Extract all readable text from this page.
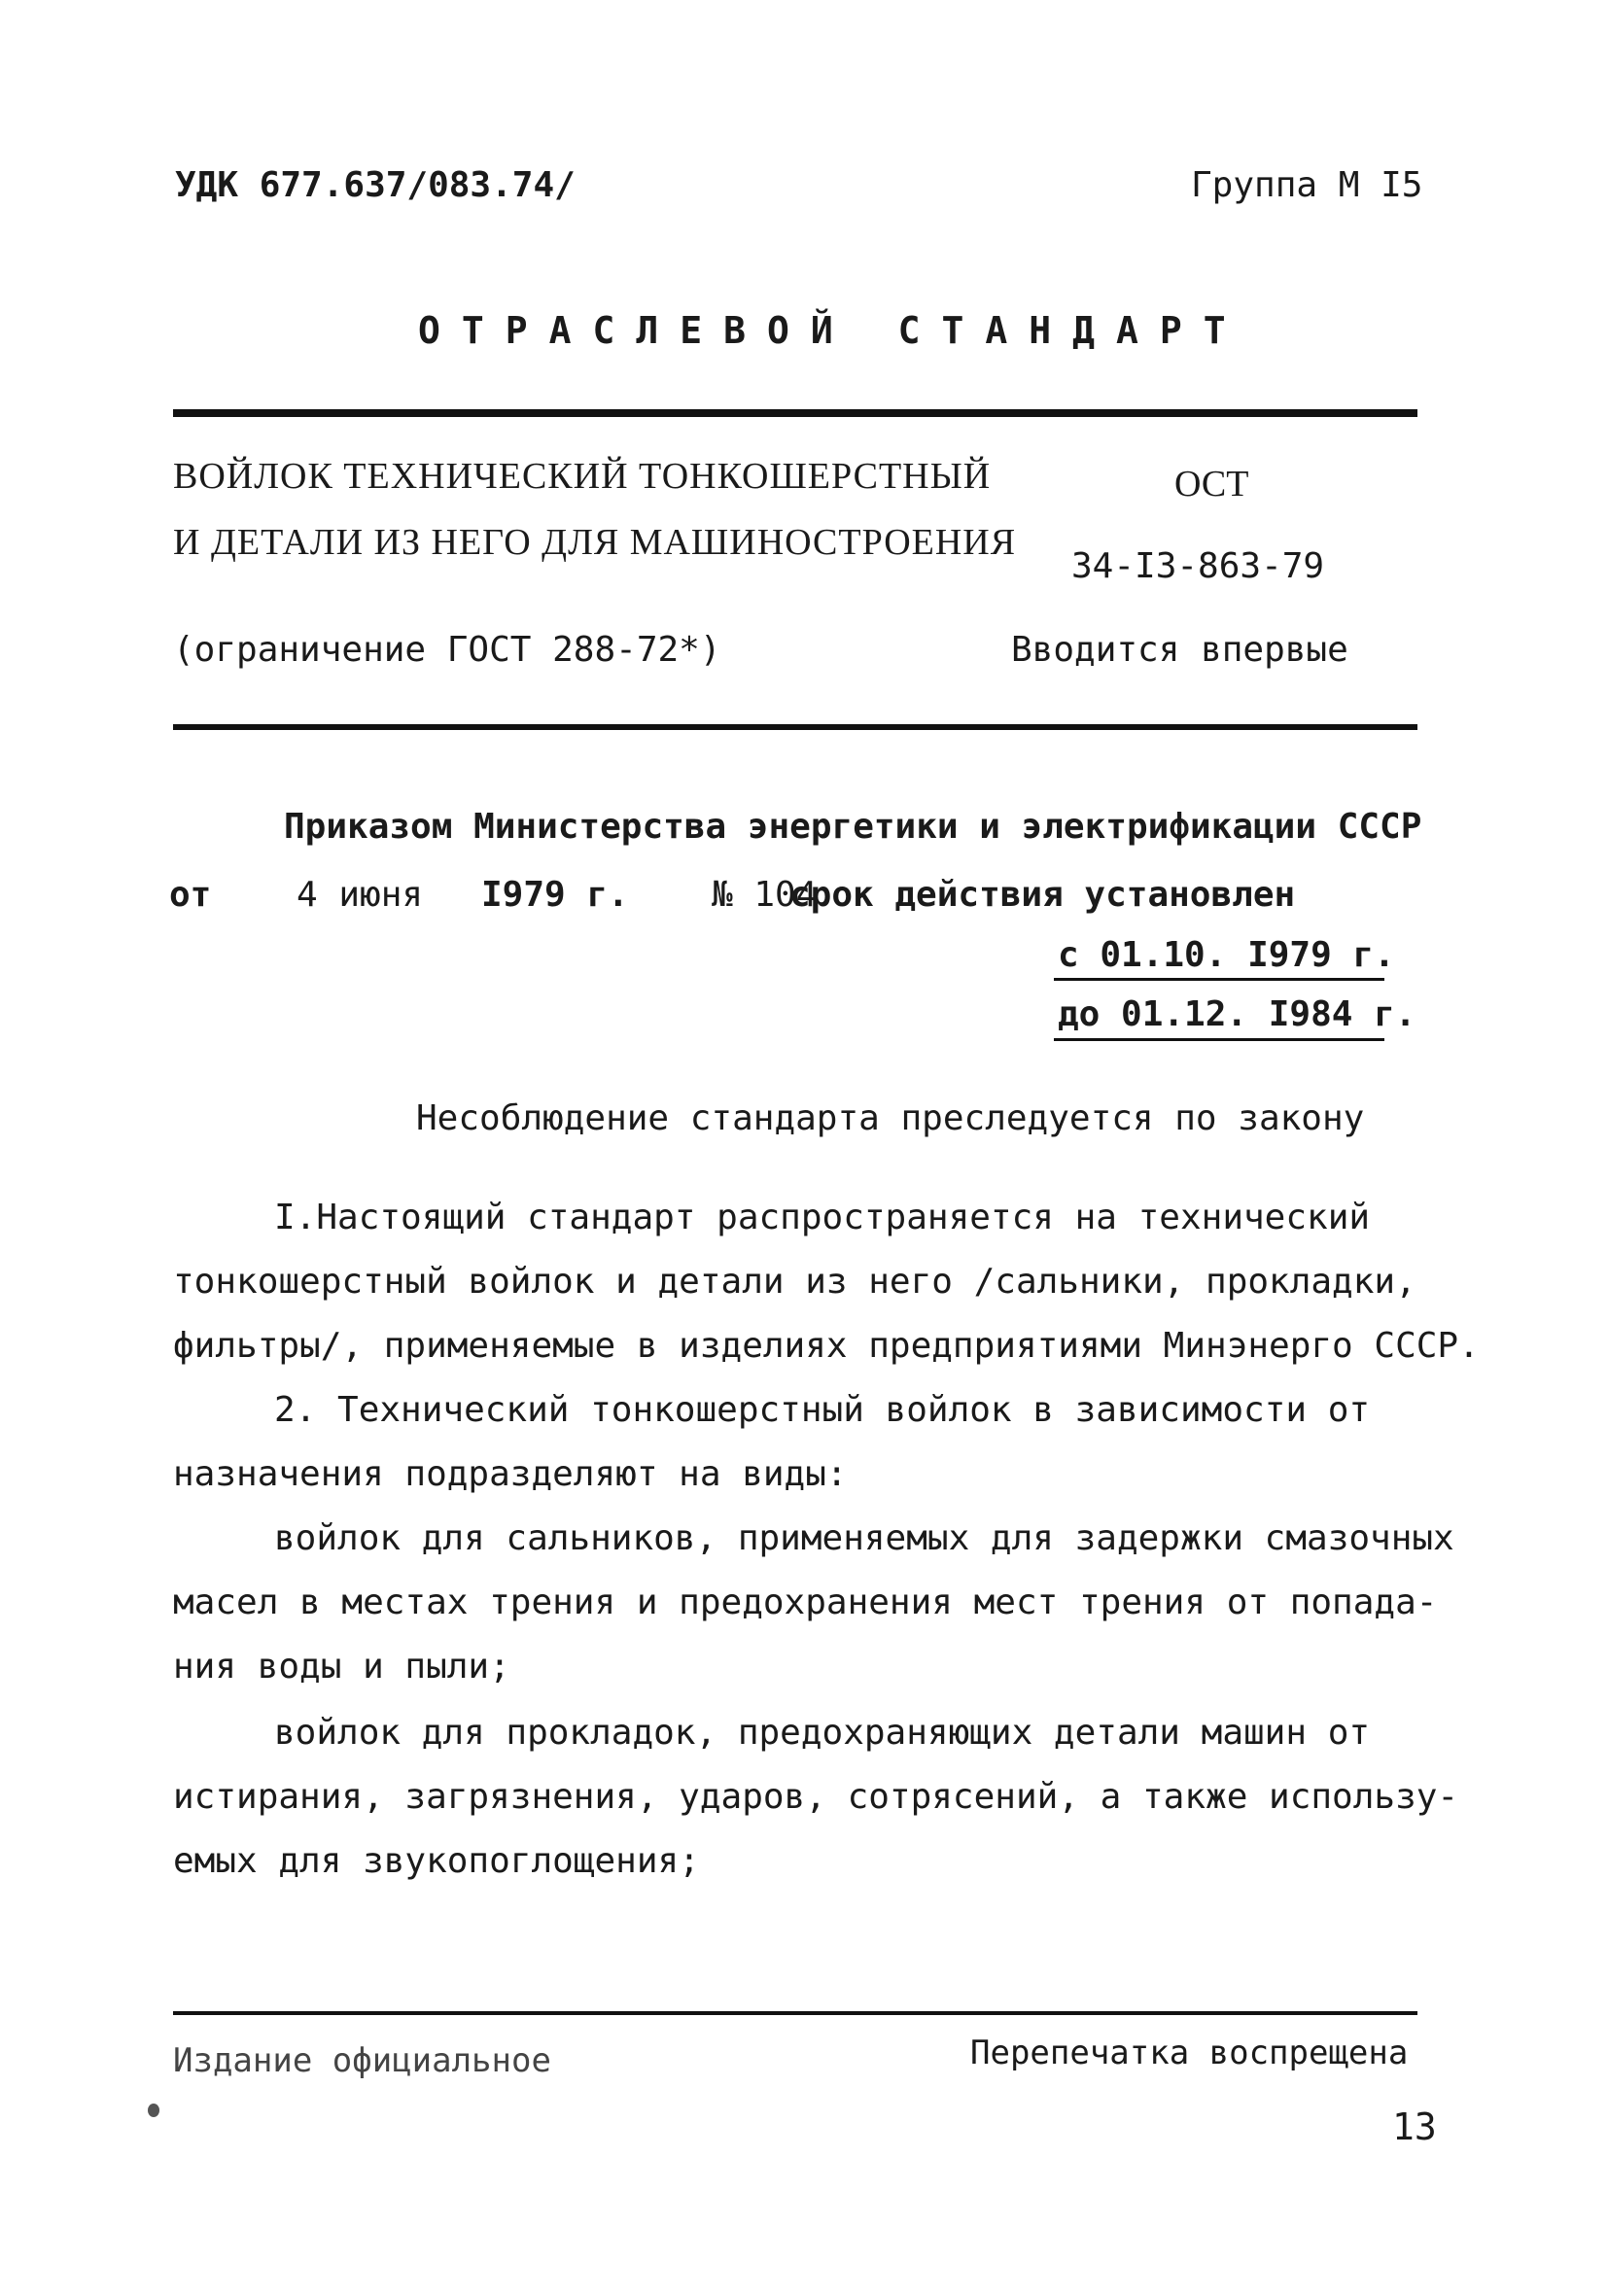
УДК 677.637/083.74/	Группа М I5
ОТРАСЛЕВОЙ СТАНДАРТ
ВОЙЛОК ТЕХНИЧЕСКИЙ ТОНКОШЕРСТНЫЙ
И ДЕТАЛИ ИЗ НЕГО ДЛЯ МАШИНОСТРОЕНИЯ
ОСТ
34-I3-863-79
(ограничение ГОСТ 288-72*)	Вводится впервые
Приказом Министерства энергетики и электрификации СССР
от 4 июня I979 г. № 104
срок действия установлен
с 01.10. I979 г.
до 01.12. I984 г.
Несоблюдение стандарта преследуется по закону
I.Настоящий стандарт распространяется на технический
тонкошерстный войлок и детали из него /сальники, прокладки,
фильтры/, применяемые в изделиях предприятиями Минэнерго СССР.
2. Технический тонкошерстный войлок в зависимости от
назначения подразделяют на виды:
войлок для сальников, применяемых для задержки смазочных
масел в местах трения и предохранения мест трения от попада-
ния воды и пыли;
войлок для прокладок, предохраняющих детали машин от
истирания, загрязнения, ударов, сотрясений, а также использу-
емых для звукопоглощения;
Издание официальное	Перепечатка воспрещена
13
